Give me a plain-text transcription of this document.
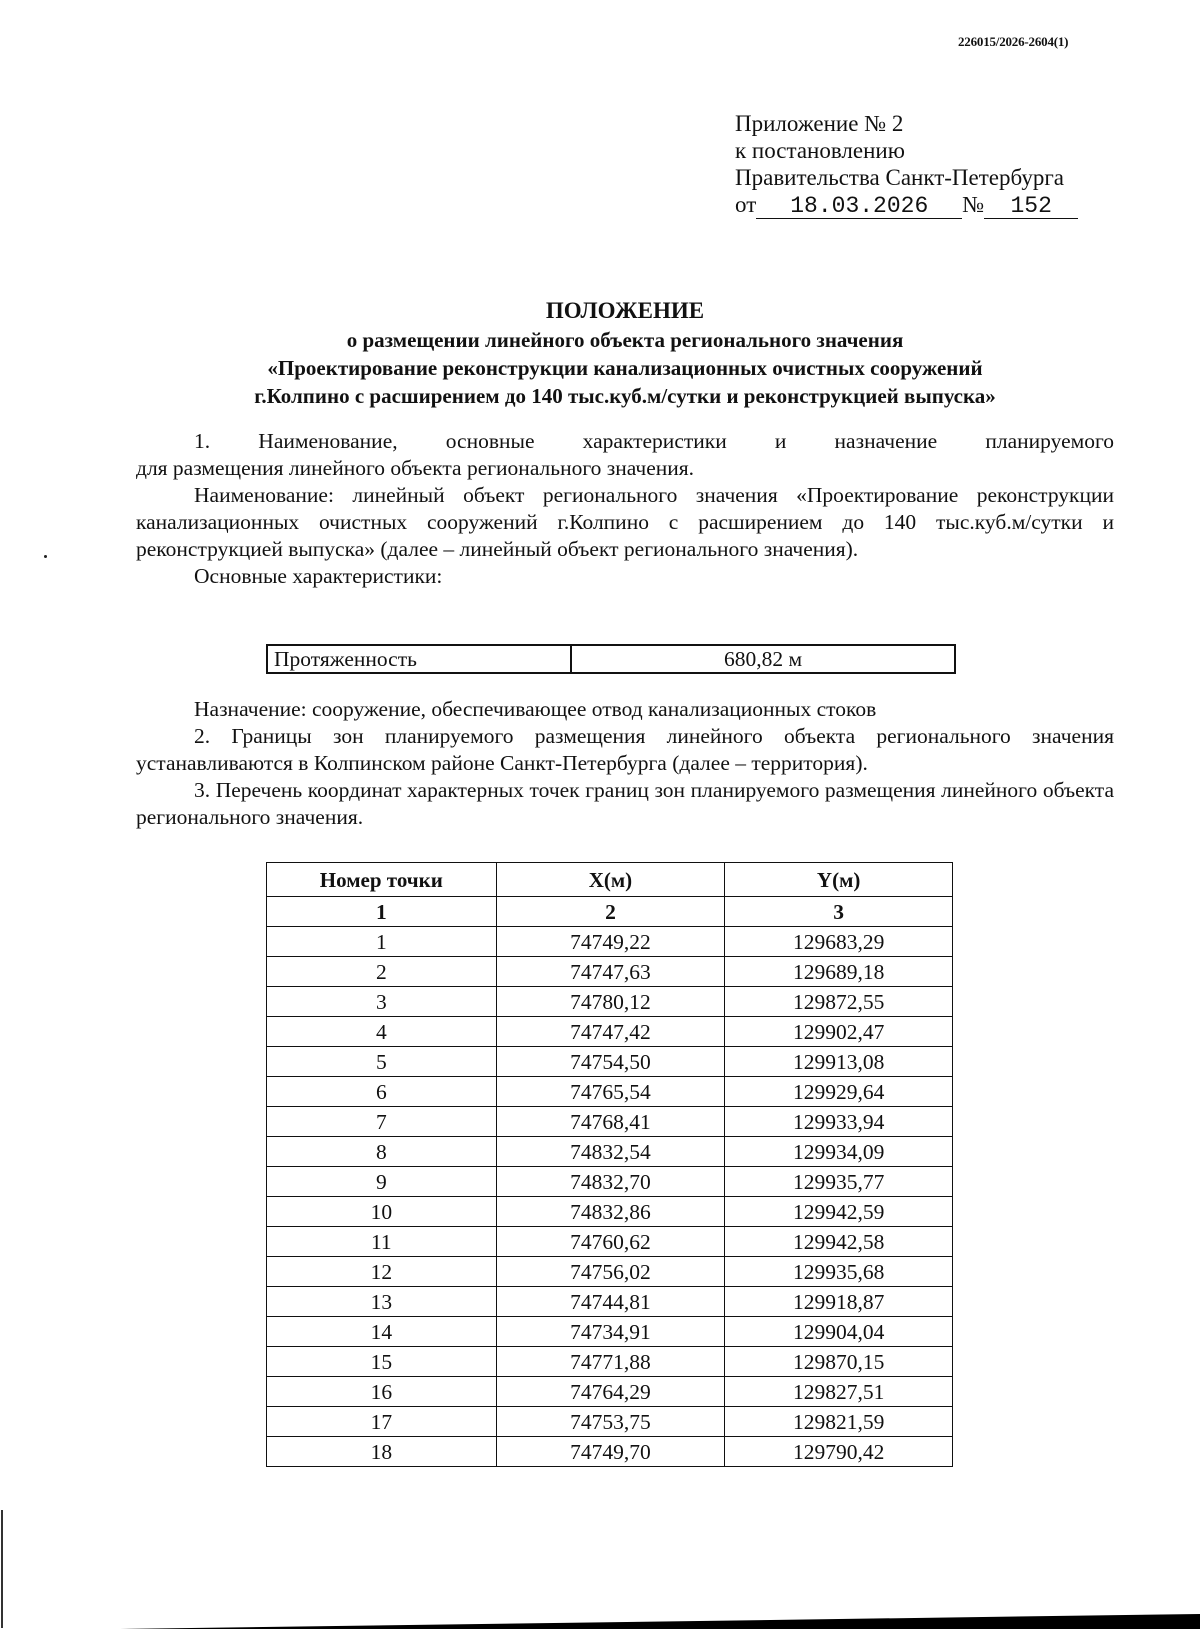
226015/2026-2604(1)
Приложение № 2
к постановлению
Правительства Санкт-Петербурга
от 18.03.2026 № 152
ПОЛОЖЕНИЕ
о размещении линейного объекта регионального значения
«Проектирование реконструкции канализационных очистных сооружений
г.Колпино с расширением до 140 тыс.куб.м/сутки и реконструкцией выпуска»

1. Наименование, основные характеристики и назначение планируемого

для размещения линейного объекта регионального значения.

Наименование: линейный объект регионального значения «Проектирование реконструкции канализационных очистных сооружений г.Колпино с расширением до 140 тыс.куб.м/сутки и реконструкцией выпуска» (далее – линейный объект регионального значения).

Основные характеристики:

Протяженность	680,82 м

Назначение: сооружение, обеспечивающее отвод канализационных стоков

2. Границы зон планируемого размещения линейного объекта регионального значения устанавливаются в Колпинском районе Санкт-Петербурга (далее – территория).

3. Перечень координат характерных точек границ зон планируемого размещения линейного объекта регионального значения.

Номер точки	X(м)	Y(м)
1	2	3
1	74749,22	129683,29
2	74747,63	129689,18
3	74780,12	129872,55
4	74747,42	129902,47
5	74754,50	129913,08
6	74765,54	129929,64
7	74768,41	129933,94
8	74832,54	129934,09
9	74832,70	129935,77
10	74832,86	129942,59
11	74760,62	129942,58
12	74756,02	129935,68
13	74744,81	129918,87
14	74734,91	129904,04
15	74771,88	129870,15
16	74764,29	129827,51
17	74753,75	129821,59
18	74749,70	129790,42
